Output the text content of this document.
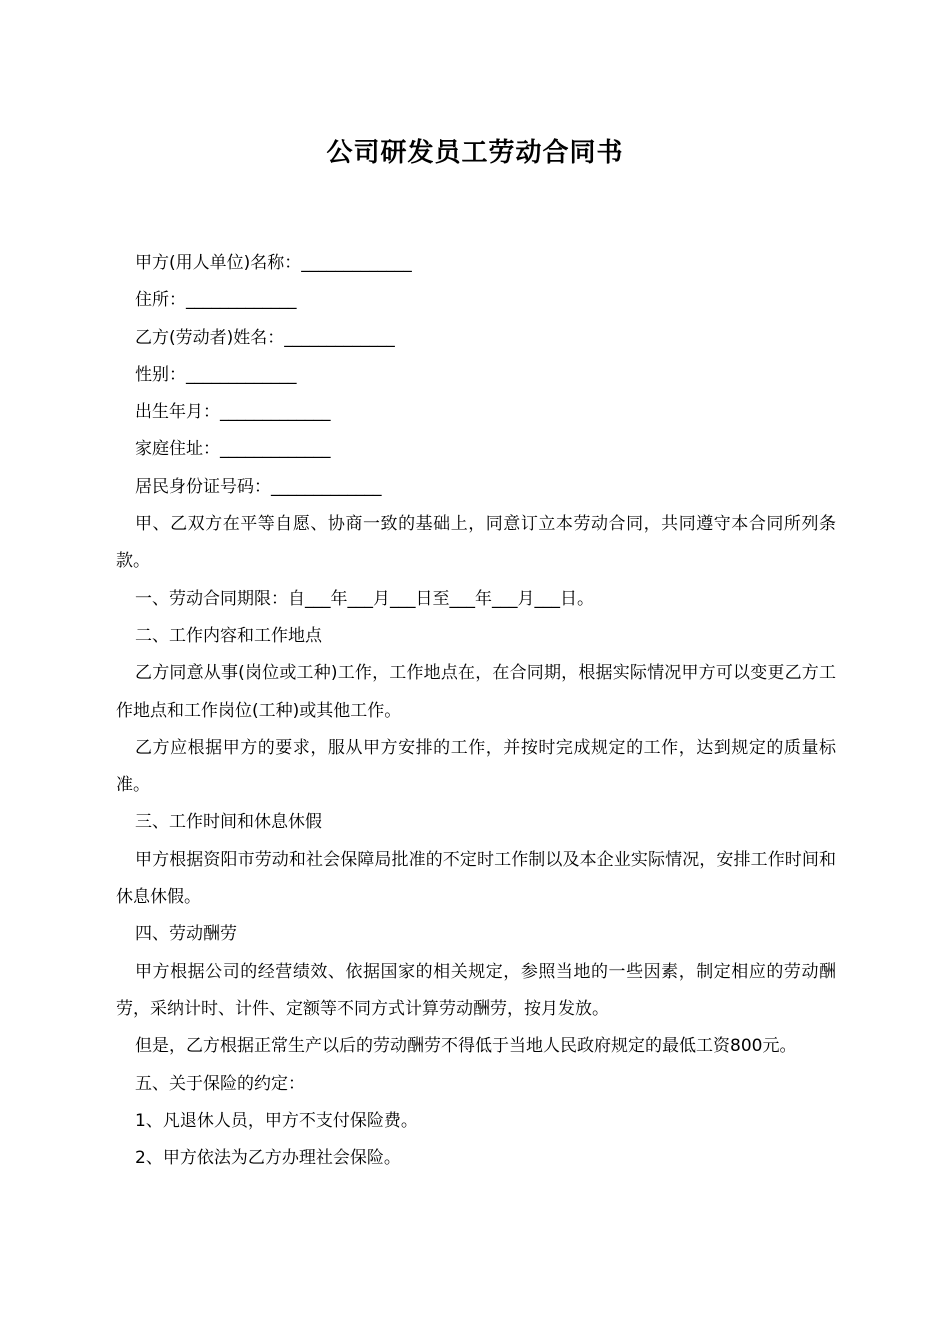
公司研发员工劳动合同书
甲方(用人单位)名称：_____________
住所：_____________
乙方(劳动者)姓名：_____________
性别：_____________
出生年月：_____________
家庭住址：_____________
居民身份证号码：_____________
甲、乙双方在平等自愿、协商一致的基础上，同意订立本劳动合同，共同遵守本合同所列条款。
一、劳动合同期限：自___年___月___日至___年___月___日。
二、工作内容和工作地点
乙方同意从事(岗位或工种)工作，工作地点在，在合同期，根据实际情况甲方可以变更乙方工作地点和工作岗位(工种)或其他工作。
乙方应根据甲方的要求，服从甲方安排的工作，并按时完成规定的工作，达到规定的质量标准。
三、工作时间和休息休假
甲方根据资阳市劳动和社会保障局批准的不定时工作制以及本企业实际情况，安排工作时间和休息休假。
四、劳动酬劳
甲方根据公司的经营绩效、依据国家的相关规定，参照当地的一些因素，制定相应的劳动酬劳，采纳计时、计件、定额等不同方式计算劳动酬劳，按月发放。
但是，乙方根据正常生产以后的劳动酬劳不得低于当地人民政府规定的最低工资800元。
五、关于保险的约定：
1、凡退休人员，甲方不支付保险费。
2、甲方依法为乙方办理社会保险。
